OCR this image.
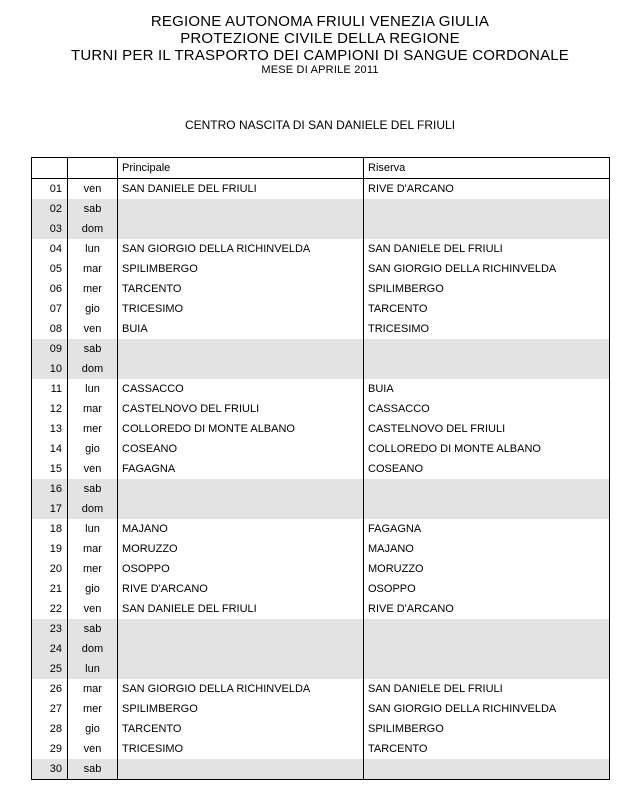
REGIONE AUTONOMA FRIULI VENEZIA GIULIA
PROTEZIONE CIVILE DELLA REGIONE
TURNI PER IL TRASPORTO DEI CAMPIONI DI SANGUE CORDONALE
MESE DI APRILE 2011
CENTRO NASCITA DI SAN DANIELE DEL FRIULI
		Principale	Riserva
01	ven	SAN DANIELE DEL FRIULI	RIVE D'ARCANO
02	sab		
03	dom		
04	lun	SAN GIORGIO DELLA RICHINVELDA	SAN DANIELE DEL FRIULI
05	mar	SPILIMBERGO	SAN GIORGIO DELLA RICHINVELDA
06	mer	TARCENTO	SPILIMBERGO
07	gio	TRICESIMO	TARCENTO
08	ven	BUIA	TRICESIMO
09	sab		
10	dom		
11	lun	CASSACCO	BUIA
12	mar	CASTELNOVO DEL FRIULI	CASSACCO
13	mer	COLLOREDO DI MONTE ALBANO	CASTELNOVO DEL FRIULI
14	gio	COSEANO	COLLOREDO DI MONTE ALBANO
15	ven	FAGAGNA	COSEANO
16	sab		
17	dom		
18	lun	MAJANO	FAGAGNA
19	mar	MORUZZO	MAJANO
20	mer	OSOPPO	MORUZZO
21	gio	RIVE D'ARCANO	OSOPPO
22	ven	SAN DANIELE DEL FRIULI	RIVE D'ARCANO
23	sab		
24	dom		
25	lun		
26	mar	SAN GIORGIO DELLA RICHINVELDA	SAN DANIELE DEL FRIULI
27	mer	SPILIMBERGO	SAN GIORGIO DELLA RICHINVELDA
28	gio	TARCENTO	SPILIMBERGO
29	ven	TRICESIMO	TARCENTO
30	sab		
